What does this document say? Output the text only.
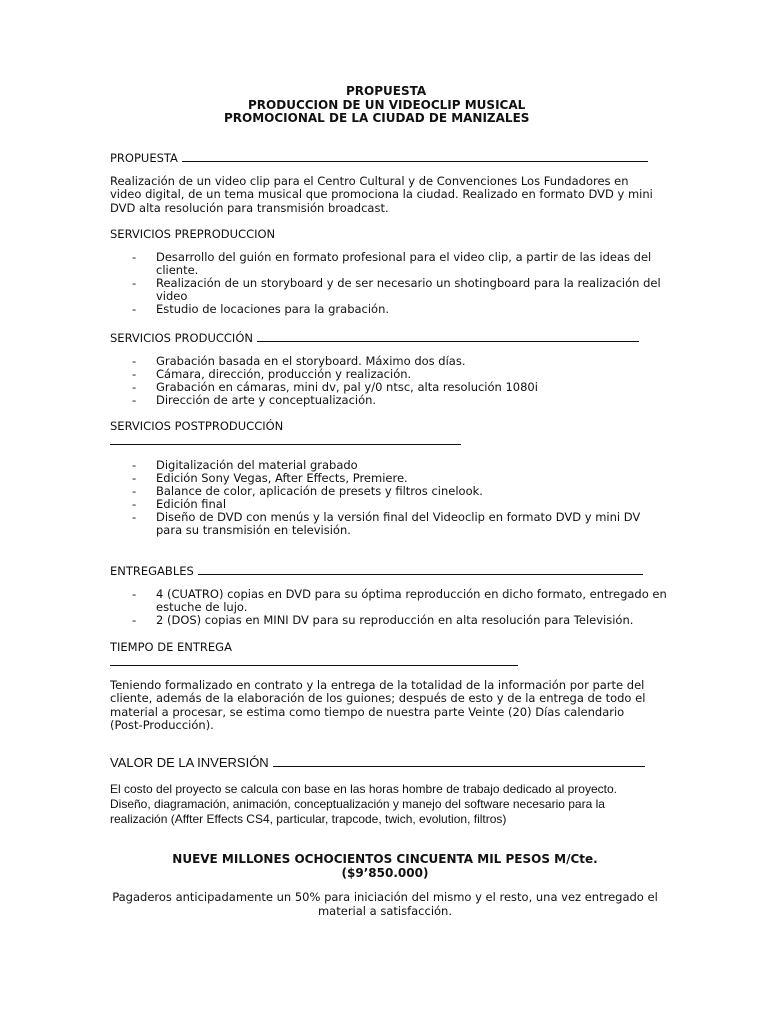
PROPUESTA
PRODUCCION DE UN VIDEOCLIP MUSICAL
PROMOCIONAL DE LA CIUDAD DE MANIZALES
PROPUESTA
Realización de un video clip para el Centro Cultural y de Convenciones Los Fundadores en video digital, de un tema musical que promociona la ciudad. Realizado en formato DVD y mini DVD alta resolución para transmisión broadcast.
SERVICIOS PREPRODUCCION
- Desarrollo del guión en formato profesional para el video clip, a partir de las ideas del cliente.
- Realización de un storyboard y de ser necesario un shotingboard para la realización del video
- Estudio de locaciones para la grabación.
SERVICIOS PRODUCCIÓN
- Grabación basada en el storyboard. Máximo dos días.
- Cámara, dirección, producción y realización.
- Grabación en cámaras, mini dv, pal y/0 ntsc, alta resolución 1080i
- Dirección de arte y conceptualización.
SERVICIOS POSTPRODUCCIÓN
- Digitalización del material grabado
- Edición Sony Vegas, After Effects, Premiere.
- Balance de color, aplicación de presets y filtros cinelook.
- Edición final
- Diseño de DVD con menús y la versión final del Videoclip en formato DVD y mini DV para su transmisión en televisión.
ENTREGABLES
- 4 (CUATRO) copias en DVD para su óptima reproducción en dicho formato, entregado en estuche de lujo.
- 2 (DOS) copias en MINI DV para su reproducción en alta resolución para Televisión.
TIEMPO DE ENTREGA
Teniendo formalizado en contrato y la entrega de la totalidad de la información por parte del cliente, además de la elaboración de los guiones; después de esto y de la entrega de todo el material a procesar, se estima como tiempo de nuestra parte Veinte (20) Días calendario (Post-Producción).
VALOR DE LA INVERSIÓN
El costo del proyecto se calcula con base en las horas hombre de trabajo dedicado al proyecto. Diseño, diagramación, animación, conceptualización y manejo del software necesario para la realización (Affter Effects CS4, particular, trapcode, twich, evolution, filtros)
NUEVE MILLONES OCHOCIENTOS CINCUENTA MIL PESOS M/Cte.
($9’850.000)
Pagaderos anticipadamente un 50% para iniciación del mismo y el resto, una vez entregado el material a satisfacción.
